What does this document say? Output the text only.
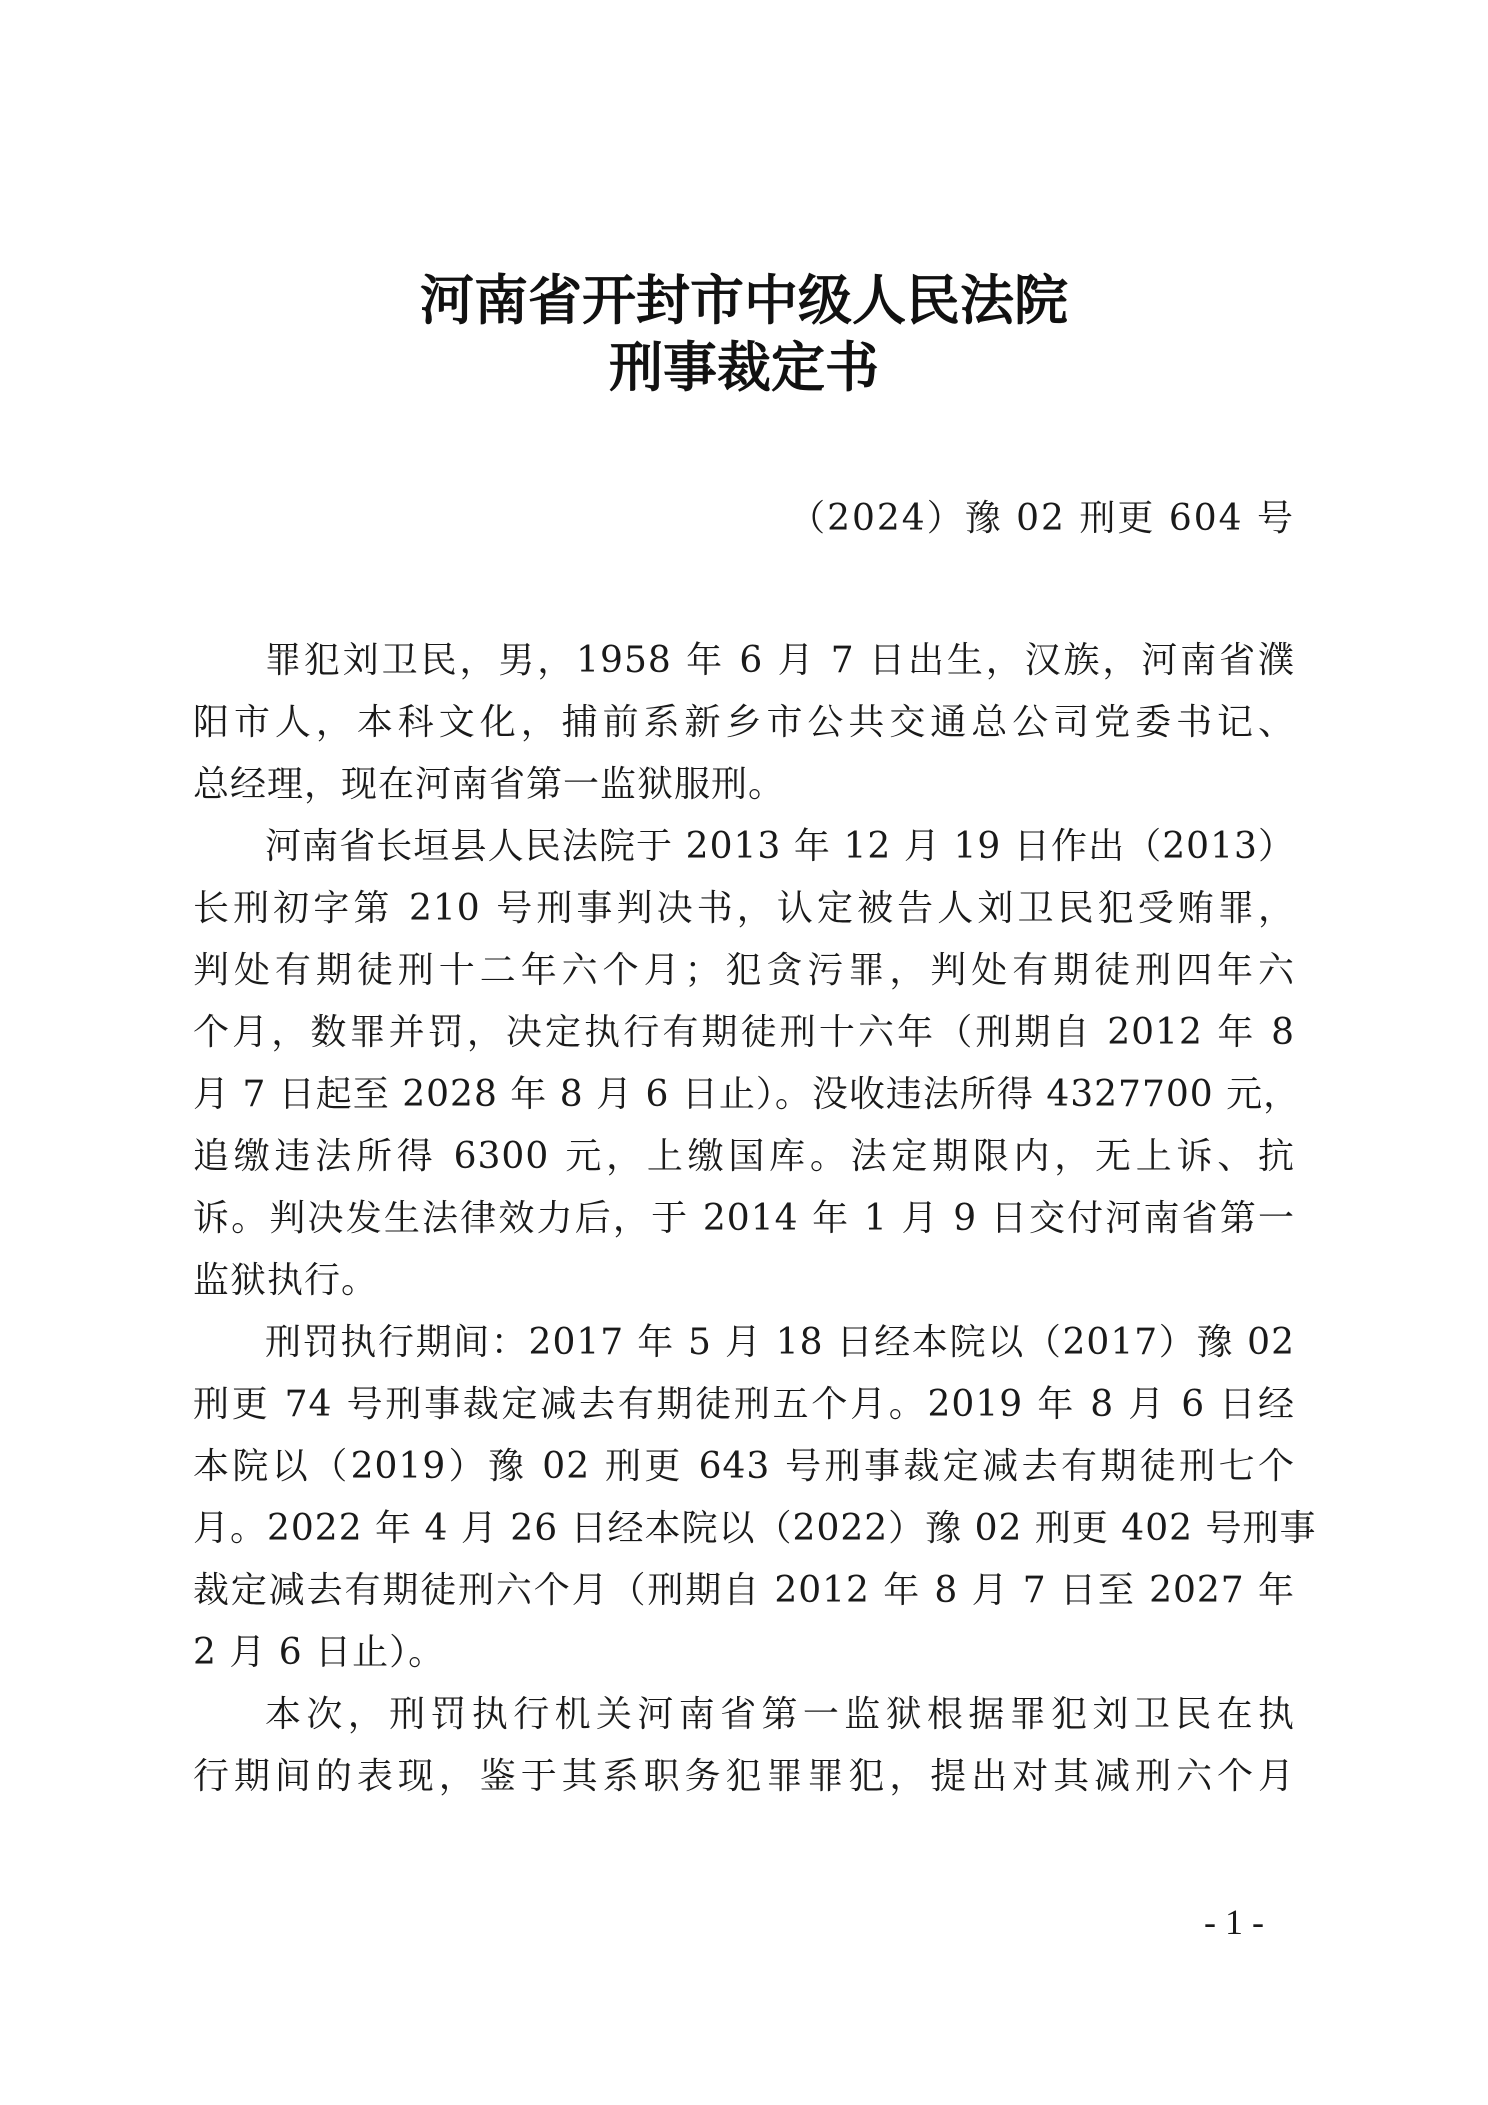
河南省开封市中级人民法院
刑事裁定书
（2024）豫 02 刑更 604 号

罪犯刘卫民，男，1958 年 6 月 7 日出生，汉族，河南省濮
阳市人，本科文化，捕前系新乡市公共交通总公司党委书记、
总经理，现在河南省第一监狱服刑。

河南省长垣县人民法院于 2013 年 12 月 19 日作出（2013）
长刑初字第 210 号刑事判决书，认定被告人刘卫民犯受贿罪，
判处有期徒刑十二年六个月；犯贪污罪，判处有期徒刑四年六
个月，数罪并罚，决定执行有期徒刑十六年（刑期自 2012 年 8
月 7 日起至 2028 年 8 月 6 日止）。没收违法所得 4327700 元，
追缴违法所得 6300 元，上缴国库。法定期限内，无上诉、抗
诉。判决发生法律效力后，于 2014 年 1 月 9 日交付河南省第一
监狱执行。

刑罚执行期间：2017 年 5 月 18 日经本院以（2017）豫 02
刑更 74 号刑事裁定减去有期徒刑五个月。2019 年 8 月 6 日经
本院以（2019）豫 02 刑更 643 号刑事裁定减去有期徒刑七个
月。2022 年 4 月 26 日经本院以（2022）豫 02 刑更 402 号刑事
裁定减去有期徒刑六个月（刑期自 2012 年 8 月 7 日至 2027 年
2 月 6 日止）。

本次，刑罚执行机关河南省第一监狱根据罪犯刘卫民在执
行期间的表现，鉴于其系职务犯罪罪犯，提出对其减刑六个月

- 1 -
